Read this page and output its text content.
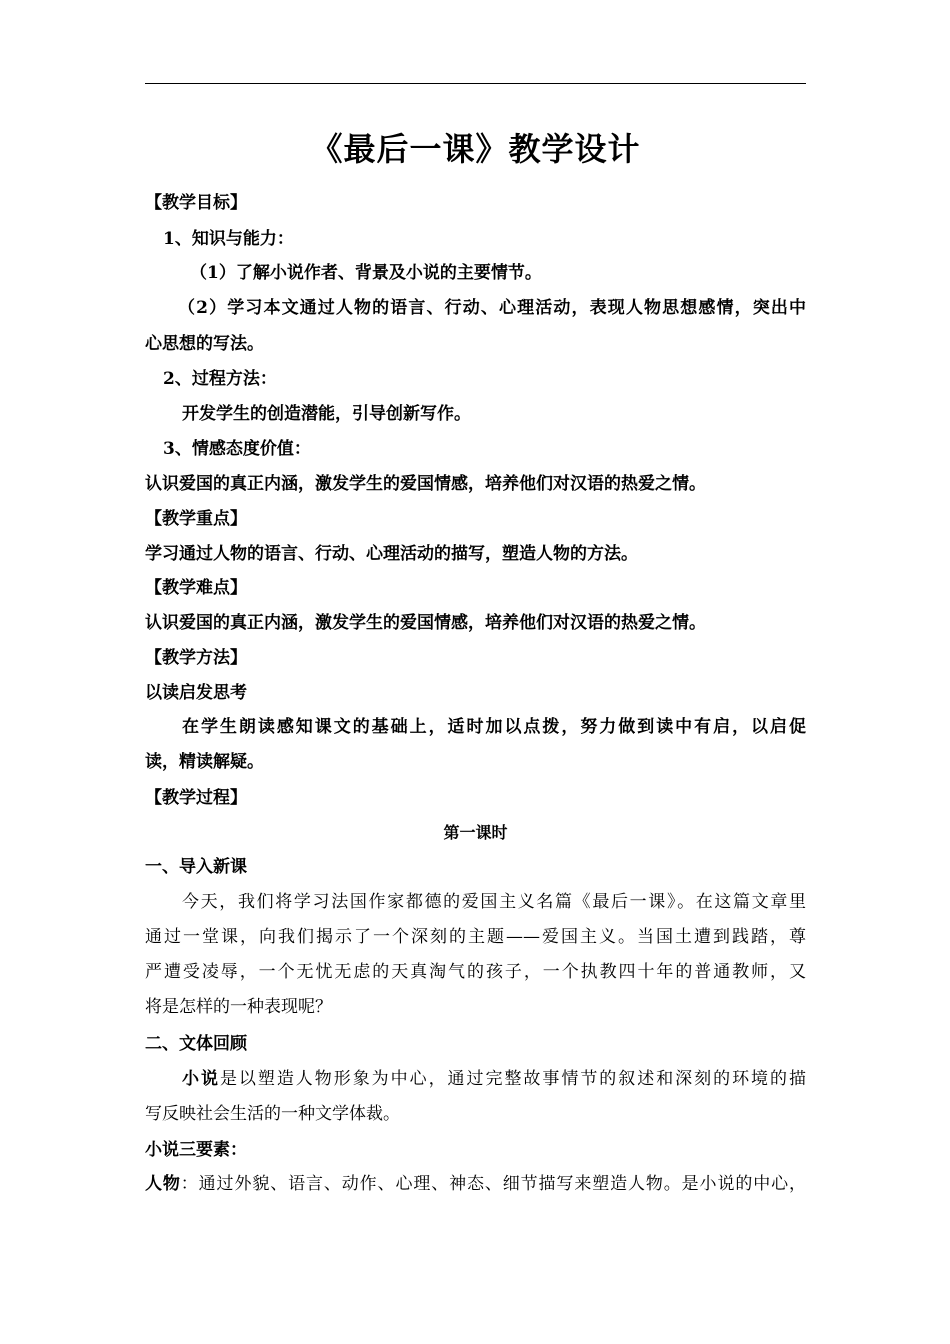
《最后一课》教学设计
【教学目标】
1、知识与能力：
（1）了解小说作者、背景及小说的主要情节。
（2）学习本文通过人物的语言、行动、心理活动，表现人物思想感情，突出中
心思想的写法。
2、过程方法：
开发学生的创造潜能，引导创新写作。
3、情感态度价值：
认识爱国的真正内涵，激发学生的爱国情感，培养他们对汉语的热爱之情。
【教学重点】
学习通过人物的语言、行动、心理活动的描写，塑造人物的方法。
【教学难点】
认识爱国的真正内涵，激发学生的爱国情感，培养他们对汉语的热爱之情。
【教学方法】
以读启发思考
在学生朗读感知课文的基础上，适时加以点拨，努力做到读中有启，以启促
读，精读解疑。
【教学过程】
第一课时
一、导入新课
今天，我们将学习法国作家都德的爱国主义名篇《最后一课》。在这篇文章里
通过一堂课，向我们揭示了一个深刻的主题——爱国主义。当国土遭到践踏，尊
严遭受凌辱，一个无忧无虑的天真淘气的孩子，一个执教四十年的普通教师，又
将是怎样的一种表现呢？
二、文体回顾
小说是以塑造人物形象为中心，通过完整故事情节的叙述和深刻的环境的描
写反映社会生活的一种文学体裁。
小说三要素：
人物：通过外貌、语言、动作、心理、神态、细节描写来塑造人物。是小说的中心，
